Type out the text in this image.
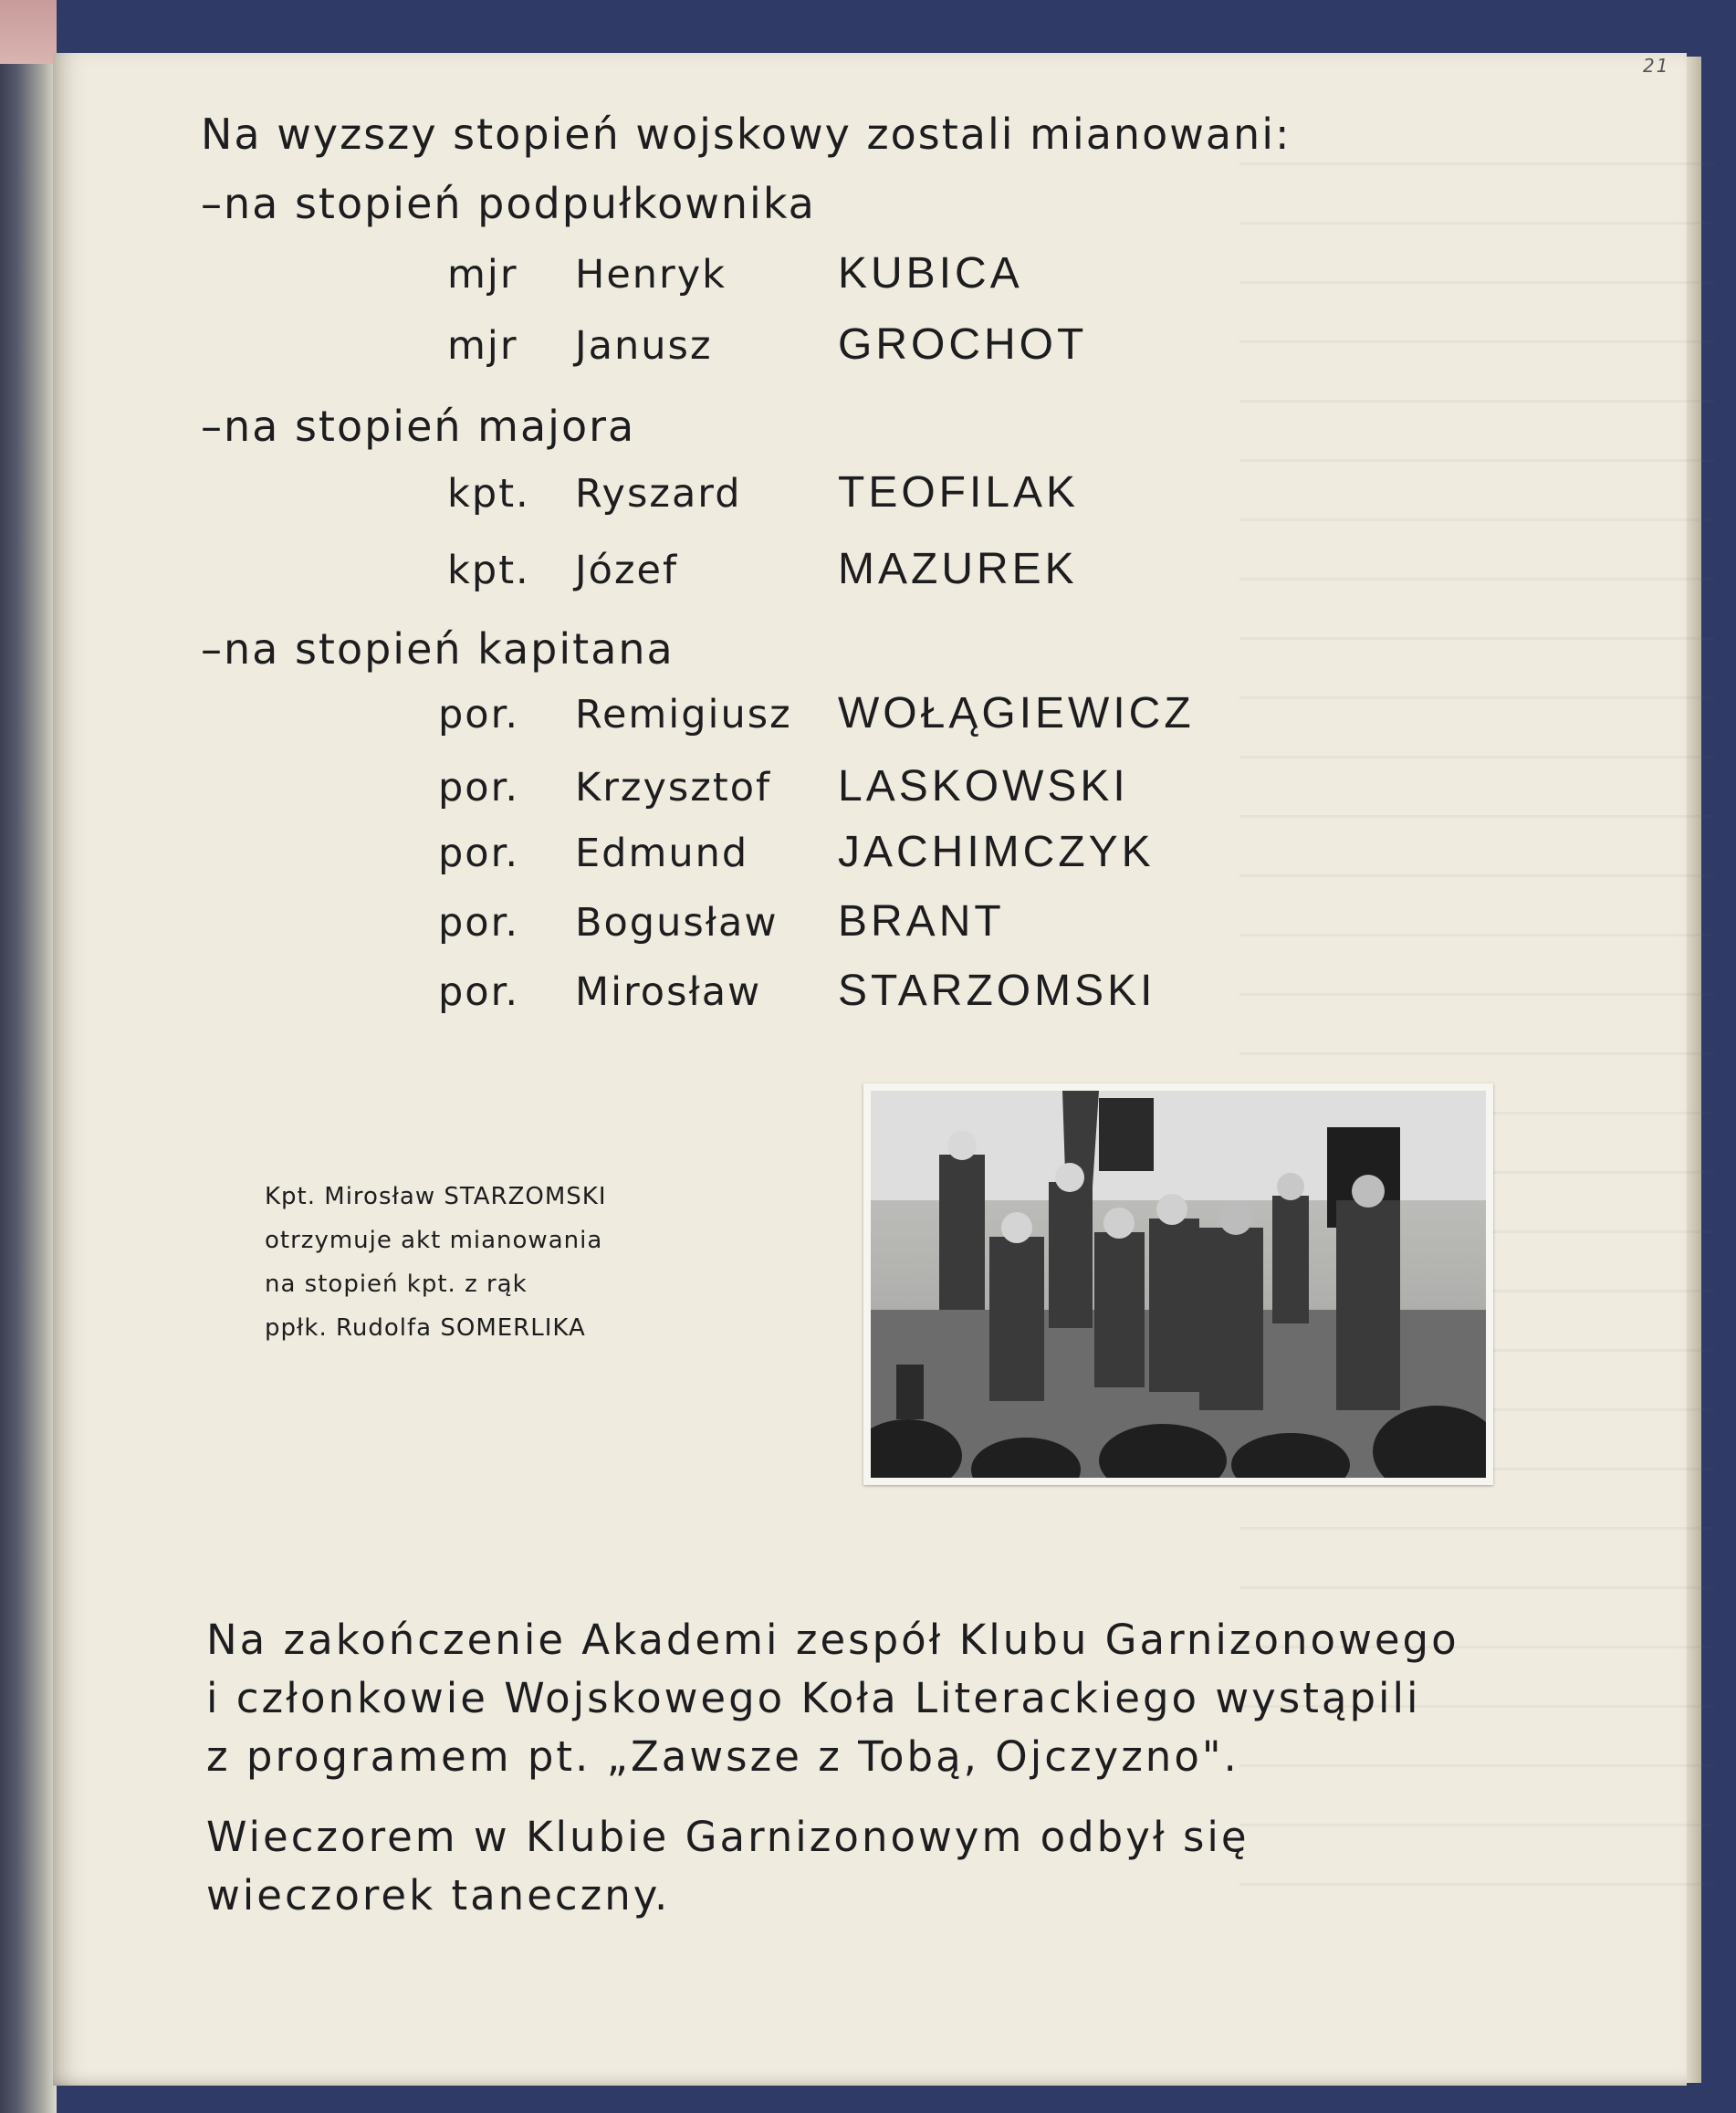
21
Na wyzszy stopień wojskowy zostali mianowani:
–na stopień podpułkownika
mjr Henryk	KUBICA
mjr Janusz	GROCHOT
–na stopień majora
kpt. Ryszard TEOFILAK
kpt. Józef	MAZUREK
–na stopień kapitana
por. Remigiusz WOŁĄGIEWICZ
por. Krzysztof LASKOWSKI
por. Edmund JACHIMCZYK
por. Bogusław BRANT
por. Mirosław STARZOMSKI
Kpt. Mirosław STARZOMSKI
otrzymuje akt mianowania
na stopień kpt. z rąk
ppłk. Rudolfa SOMERLIKA
Na zakończenie Akademi zespół Klubu Garnizonowego
i członkowie Wojskowego Koła Literackiego wystąpili
z programem pt. „Zawsze z Tobą, Ojczyzno".
Wieczorem w Klubie Garnizonowym odbył się
wieczorek taneczny.
